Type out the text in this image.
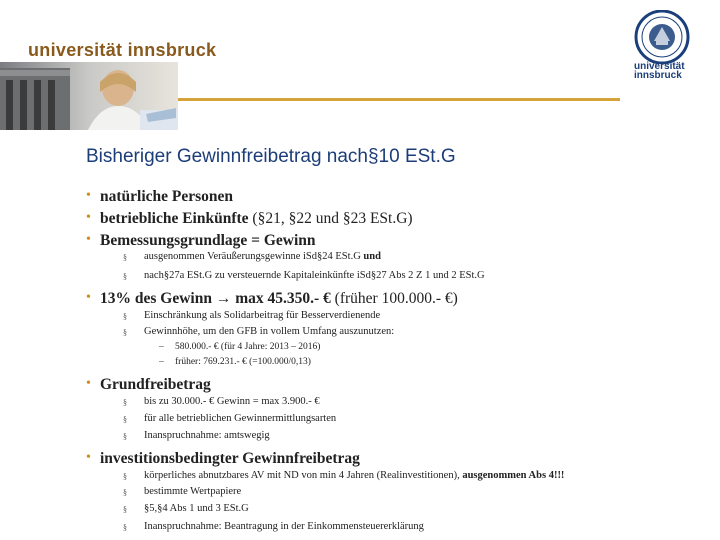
universität innsbruck
universität
innsbruck
Bisheriger Gewinnfreibetrag nach§10 ESt.G
• natürliche Personen
• betriebliche Einkünfte (§21, §22 und §23 ESt.G)
• Bemessungsgrundlage = Gewinn
§ ausgenommen Veräußerungsgewinne iSd§24 ESt.G und
§ nach§27a ESt.G zu versteuernde Kapitaleinkünfte iSd§27 Abs 2 Z 1 und 2 ESt.G
• 13% des Gewinn → max 45.350.- € (früher 100.000.- €)
§ Einschränkung als Solidarbeitrag für Besserverdienende
§ Gewinnhöhe, um den GFB in vollem Umfang auszunutzen:
– 580.000.- € (für 4 Jahre: 2013 – 2016)
– früher: 769.231.- € (=100.000/0,13)
• Grundfreibetrag
§ bis zu 30.000.- € Gewinn = max 3.900.- €
§ für alle betrieblichen Gewinnermittlungsarten
§ Inanspruchnahme: amtswegig
• investitionsbedingter Gewinnfreibetrag
§ körperliches abnutzbares AV mit ND von min 4 Jahren (Realinvestitionen), ausgenommen Abs 4!!!
§ bestimmte Wertpapiere
§ §5,§4 Abs 1 und 3 ESt.G
§ Inanspruchnahme: Beantragung in der Einkommensteuererklärung
